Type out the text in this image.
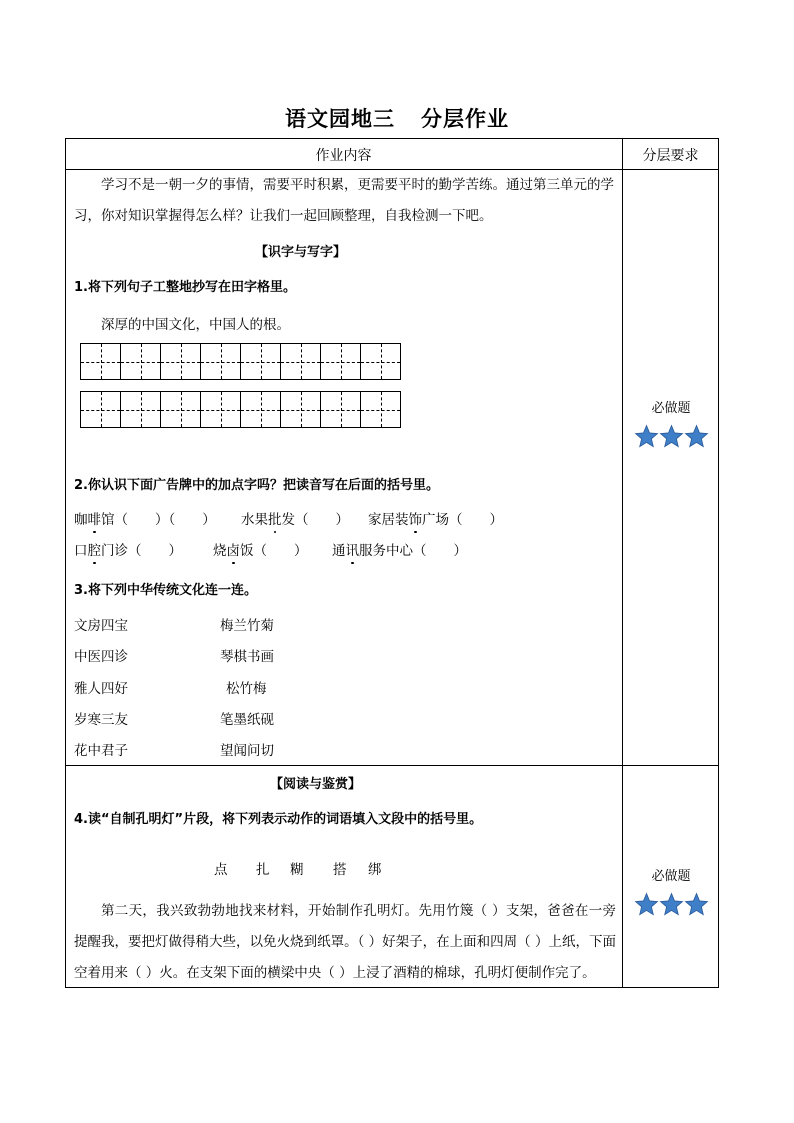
语文园地三 分层作业
作业内容	分层要求
学习不是一朝一夕的事情，需要平时积累，更需要平时的勤学苦练。通过第三单元的学习，你对知识掌握得怎么样？让我们一起回顾整理，自我检测一下吧。
【识字与写字】
1.将下列句子工整地抄写在田字格里。
深厚的中国文化，中国人的根。
2.你认识下面广告牌中的加点字吗？把读音写在后面的括号里。
咖啡馆（　　）（　　） 水果批发（　　） 家居装饰广场（　　）
口腔门诊（　　） 烧卤饭（　　） 通讯服务中心（　　）
3.将下列中华传统文化连一连。
文房四宝
中医四诊
雅人四好
岁寒三友
花中君子
梅兰竹菊
琴棋书画
松竹梅
笔墨纸砚
望闻问切
必做题
【阅读与鉴赏】
4.读“自制孔明灯”片段，将下列表示动作的词语填入文段中的括号里。
点 扎 糊 搭 绑
第二天，我兴致勃勃地找来材料，开始制作孔明灯。先用竹篾（ ）支架，爸爸在一旁提醒我，要把灯做得稍大些，以免火烧到纸罩。（ ）好架子，在上面和四周（ ）上纸，下面空着用来（ ）火。在支架下面的横梁中央（ ）上浸了酒精的棉球，孔明灯便制作完了。
必做题
